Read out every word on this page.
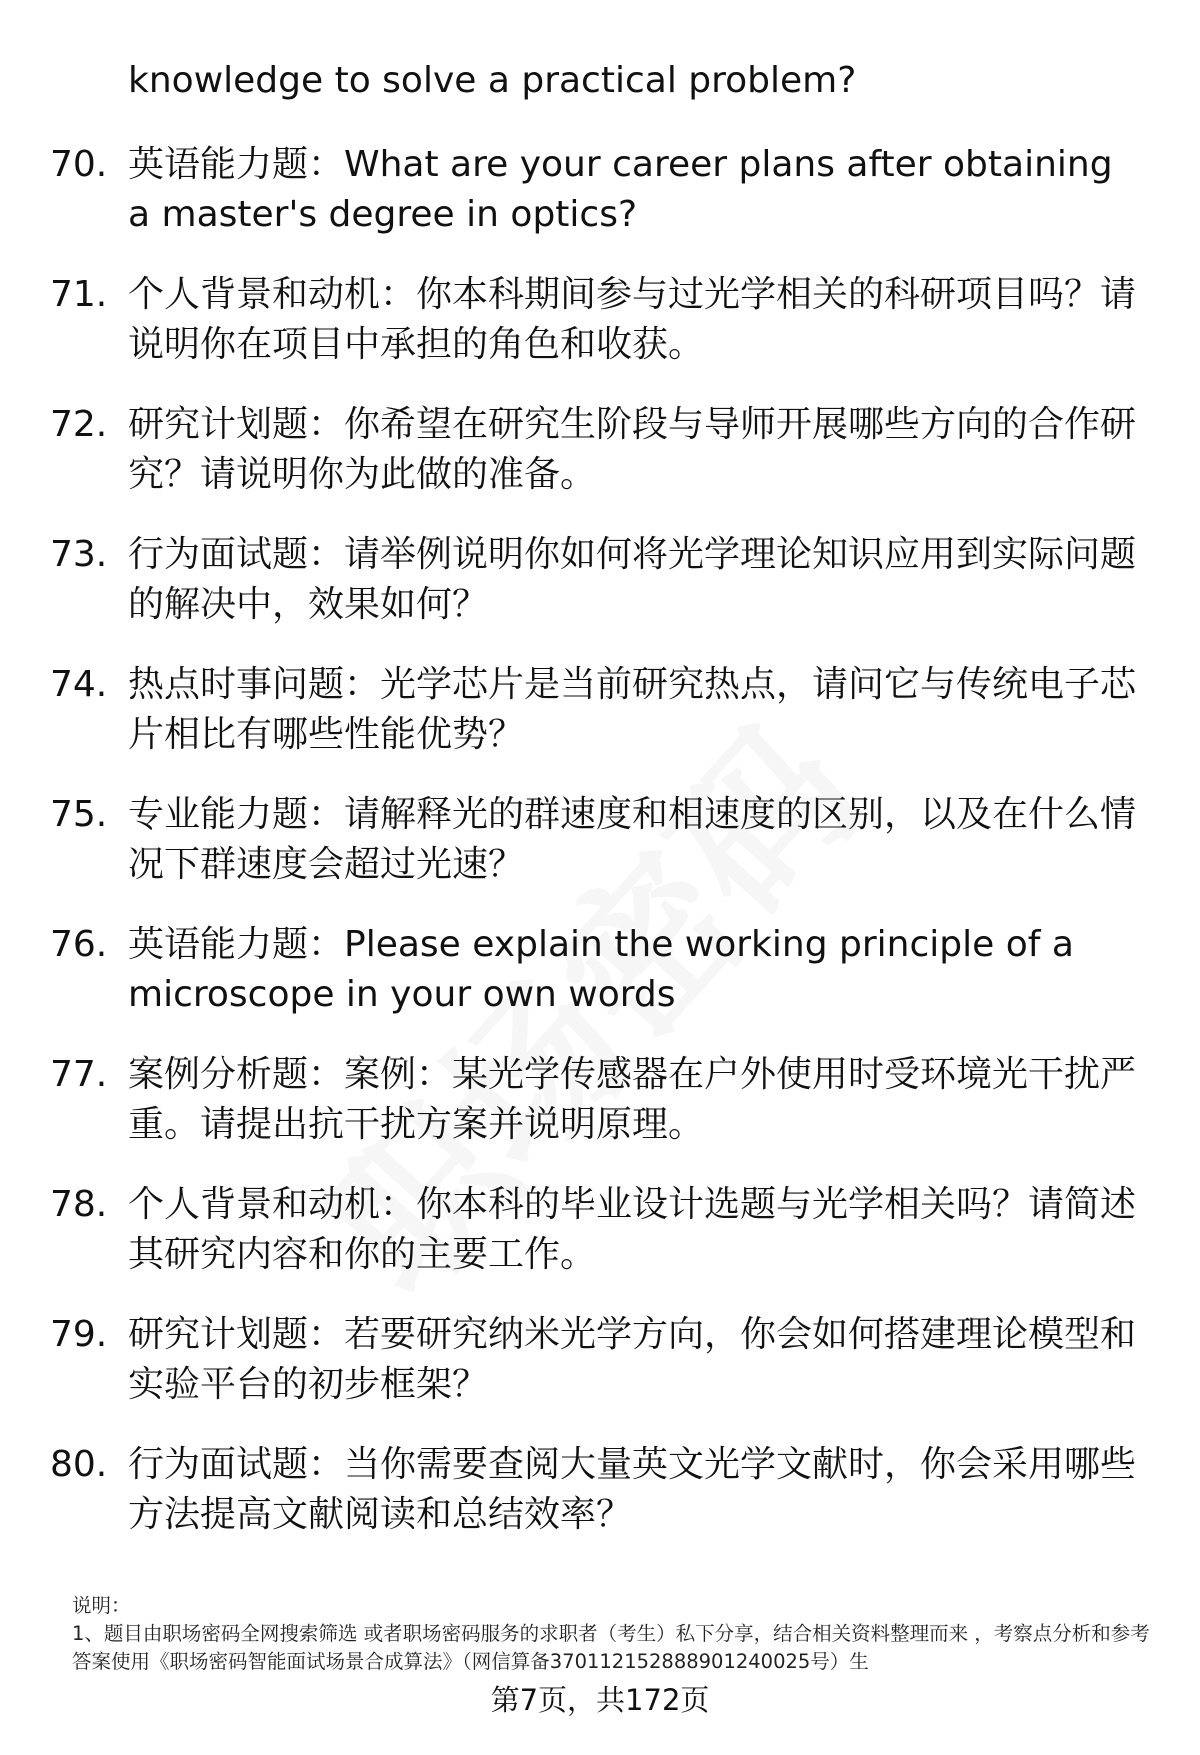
knowledge to solve a practical problem?
70. 英语能力题：What are your career plans after obtaining a master's degree in optics?
71. 个人背景和动机：你本科期间参与过光学相关的科研项目吗？请说明你在项目中承担的角色和收获。
72. 研究计划题：你希望在研究生阶段与导师开展哪些方向的合作研究？请说明你为此做的准备。
73. 行为面试题：请举例说明你如何将光学理论知识应用到实际问题的解决中，效果如何？
74. 热点时事问题：光学芯片是当前研究热点，请问它与传统电子芯片相比有哪些性能优势？
75. 专业能力题：请解释光的群速度和相速度的区别，以及在什么情况下群速度会超过光速？
76. 英语能力题：Please explain the working principle of a microscope in your own words
77. 案例分析题：案例：某光学传感器在户外使用时受环境光干扰严重。请提出抗干扰方案并说明原理。
78. 个人背景和动机：你本科的毕业设计选题与光学相关吗？请简述其研究内容和你的主要工作。
79. 研究计划题：若要研究纳米光学方向，你会如何搭建理论模型和实验平台的初步框架？
80. 行为面试题：当你需要查阅大量英文光学文献时，你会采用哪些方法提高文献阅读和总结效率？

说明：

1、题目由职场密码全网搜索筛选 或者职场密码服务的求职者（考生）私下分享，结合相关资料整理而来 ，考察点分析和参考答案使用《职场密码智能面试场景合成算法》（网信算备370112152888901240025号）生

第7页，共172页
